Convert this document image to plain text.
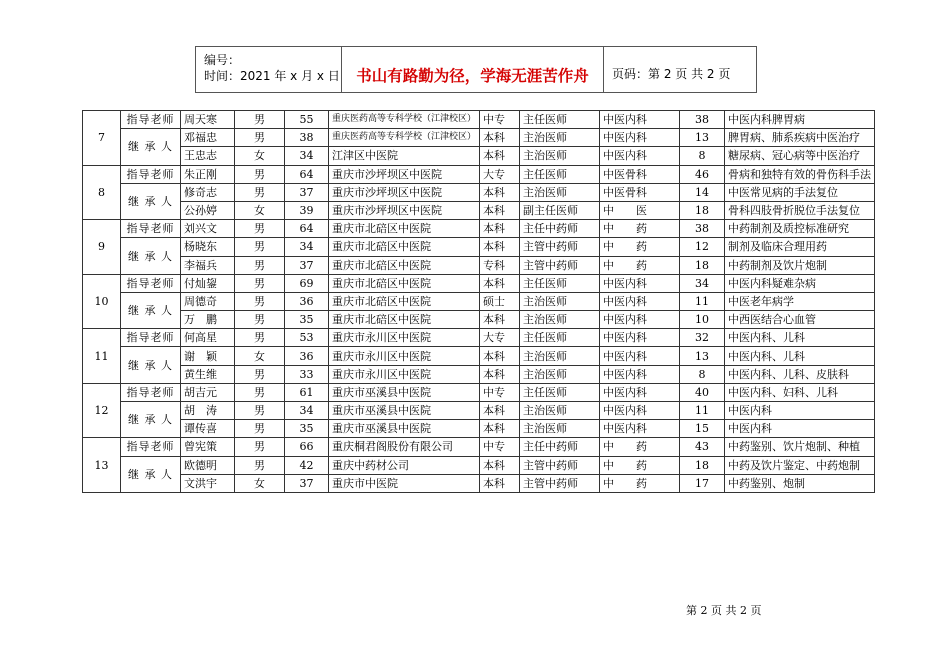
编号：
时间：2021 年 x 月 x 日	书山有路勤为径，学海无涯苦作舟	页码：第 2 页 共 2 页
7	指导老师	周天寒	男	55	重庆医药高等专科学校（江津校区）	中专	主任医师	中医内科	38	中医内科脾胃病
	继 承 人	邓福忠	男	38	重庆医药高等专科学校（江津校区）	本科	主治医师	中医内科	13	脾胃病、肺系疾病中医治疗
		王忠志	女	34	江津区中医院	本科	主治医师	中医内科	8	糖尿病、冠心病等中医治疗
8	指导老师	朱正刚	男	64	重庆市沙坪坝区中医院	大专	主任医师	中医骨科	46	骨病和独特有效的骨伤科手法
	继 承 人	修奇志	男	37	重庆市沙坪坝区中医院	本科	主治医师	中医骨科	14	中医常见病的手法复位
		公孙婷	女	39	重庆市沙坪坝区中医院	本科	副主任医师	中　　医	18	骨科四肢骨折脱位手法复位
9	指导老师	刘兴文	男	64	重庆市北碚区中医院	本科	主任中药师	中　　药	38	中药制剂及质控标准研究
	继 承 人	杨晓东	男	34	重庆市北碚区中医院	本科	主管中药师	中　　药	12	制剂及临床合理用药
		李福兵	男	37	重庆市北碚区中医院	专科	主管中药师	中　　药	18	中药制剂及饮片炮制
10	指导老师	付灿鋆	男	69	重庆市北碚区中医院	本科	主任医师	中医内科	34	中医内科疑难杂病
	继 承 人	周德奇	男	36	重庆市北碚区中医院	硕士	主治医师	中医内科	11	中医老年病学
		万　鹏	男	35	重庆市北碚区中医院	本科	主治医师	中医内科	10	中西医结合心血管
11	指导老师	何高星	男	53	重庆市永川区中医院	大专	主任医师	中医内科	32	中医内科、儿科
	继 承 人	谢　颖	女	36	重庆市永川区中医院	本科	主治医师	中医内科	13	中医内科、儿科
		黄生维	男	33	重庆市永川区中医院	本科	主治医师	中医内科	8	中医内科、儿科、皮肤科
12	指导老师	胡吉元	男	61	重庆市巫溪县中医院	中专	主任医师	中医内科	40	中医内科、妇科、儿科
	继 承 人	胡　涛	男	34	重庆市巫溪县中医院	本科	主治医师	中医内科	11	中医内科
		谭传喜	男	35	重庆市巫溪县中医院	本科	主治医师	中医内科	15	中医内科
13	指导老师	曾宪策	男	66	重庆桐君阁股份有限公司	中专	主任中药师	中　　药	43	中药鉴别、饮片炮制、种植
	继 承 人	欧德明	男	42	重庆中药材公司	本科	主管中药师	中　　药	18	中药及饮片鉴定、中药炮制
		文洪宇	女	37	重庆市中医院	本科	主管中药师	中　　药	17	中药鉴别、炮制
第 2 页 共 2 页
